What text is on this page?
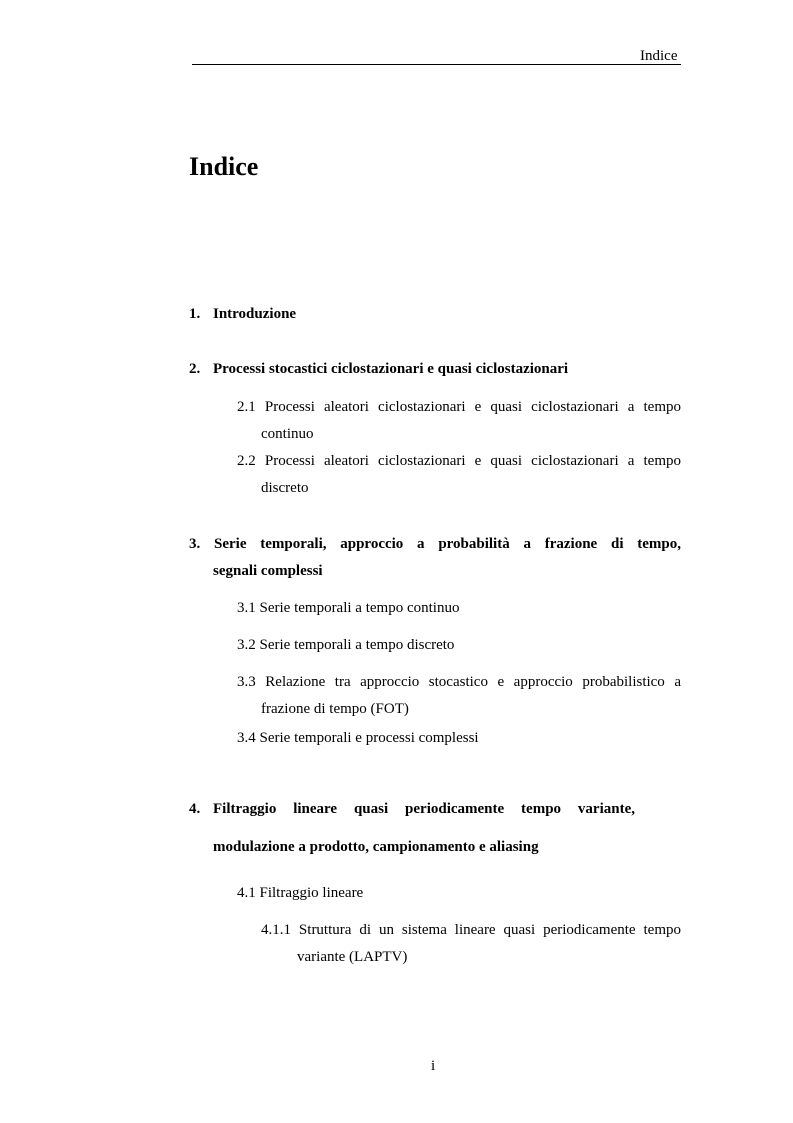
Indice
Indice
1. Introduzione
2. Processi stocastici ciclostazionari e quasi ciclostazionari
2.1 Processi aleatori ciclostazionari e quasi ciclostazionari a tempo
continuo
2.2 Processi aleatori ciclostazionari e quasi ciclostazionari a tempo
discreto
3. Serie temporali, approccio a probabilità a frazione di tempo,
segnali complessi
3.1 Serie temporali a tempo continuo
3.2 Serie temporali a tempo discreto
3.3 Relazione tra approccio stocastico e approccio probabilistico a
frazione di tempo (FOT)
3.4 Serie temporali e processi complessi
4. Filtraggio lineare quasi periodicamente tempo variante,
modulazione a prodotto, campionamento e aliasing
4.1 Filtraggio lineare
4.1.1 Struttura di un sistema lineare quasi periodicamente tempo
variante (LAPTV)
i
